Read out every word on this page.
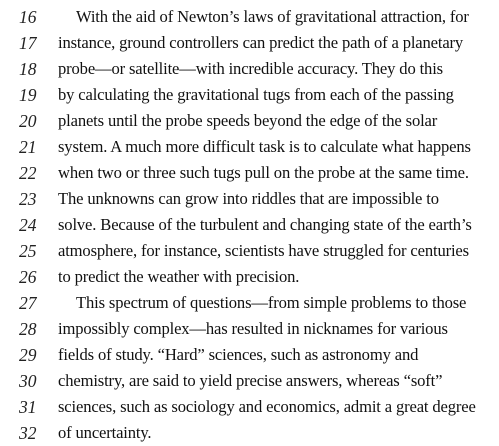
16	With the aid of Newton’s laws of gravitational attraction, for
17	instance, ground controllers can predict the path of a planetary
18	probe—or satellite—with incredible accuracy. They do this
19	by calculating the gravitational tugs from each of the passing
20	planets until the probe speeds beyond the edge of the solar
21	system. A much more difficult task is to calculate what happens
22	when two or three such tugs pull on the probe at the same time.
23	The unknowns can grow into riddles that are impossible to
24	solve. Because of the turbulent and changing state of the earth’s
25	atmosphere, for instance, scientists have struggled for centuries
26	to predict the weather with precision.
27	This spectrum of questions—from simple problems to those
28	impossibly complex—has resulted in nicknames for various
29	fields of study. “Hard” sciences, such as astronomy and
30	chemistry, are said to yield precise answers, whereas “soft”
31	sciences, such as sociology and economics, admit a great degree
32	of uncertainty.
